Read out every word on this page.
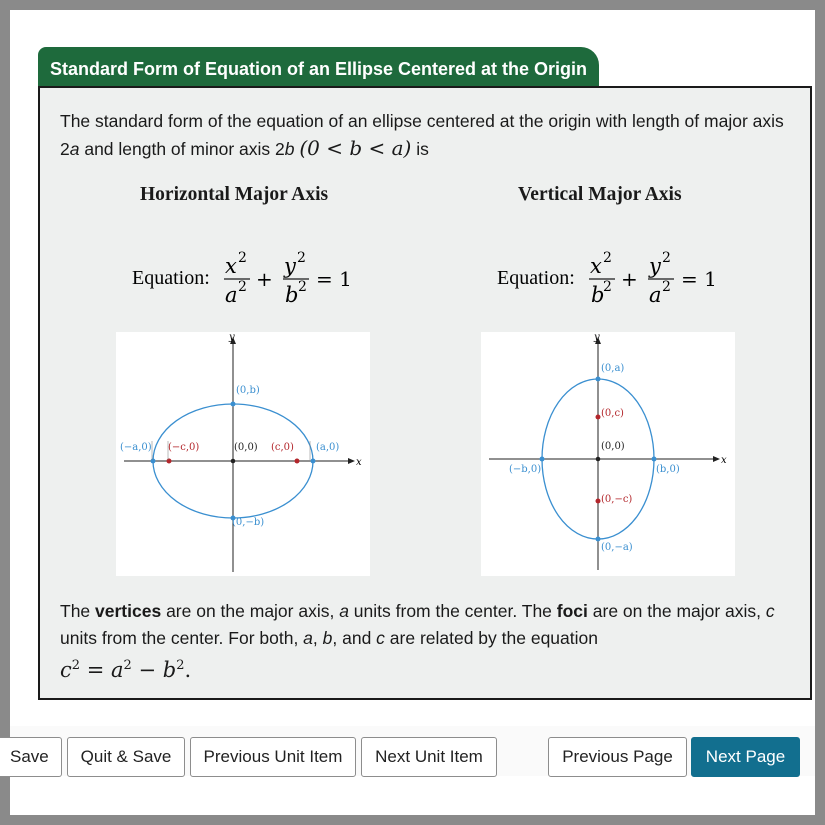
Standard Form of Equation of an Ellipse Centered at the Origin
The standard form of the equation of an ellipse centered at the origin with length of major axis 2a and length of minor axis 2b (0 < b < a) is
Horizontal Major Axis
Equation: x 2
a 2 +
y 2
b 2 = 1
x
y
(0,b)
(0,−b)
(−a,0)	(a,0)
(−c,0)	(c,0)
(0,0)
Vertical Major Axis
Equation: x 2
b
2 +
y 2
a 2 = 1
x
y
(0,a)
(0,−a)
(−b,0)	(b,0)
(0,c)
(0,−c)
(0,0)
The vertices are on the major axis, a units from the center. The foci are on the major axis, c units from the center. For both, a, b, and c are related by the equation
$c^2 = a^2 - b^2$.
Save	Quit & Save	Previous Unit Item	Next Unit Item	Previous Page	Next Page
